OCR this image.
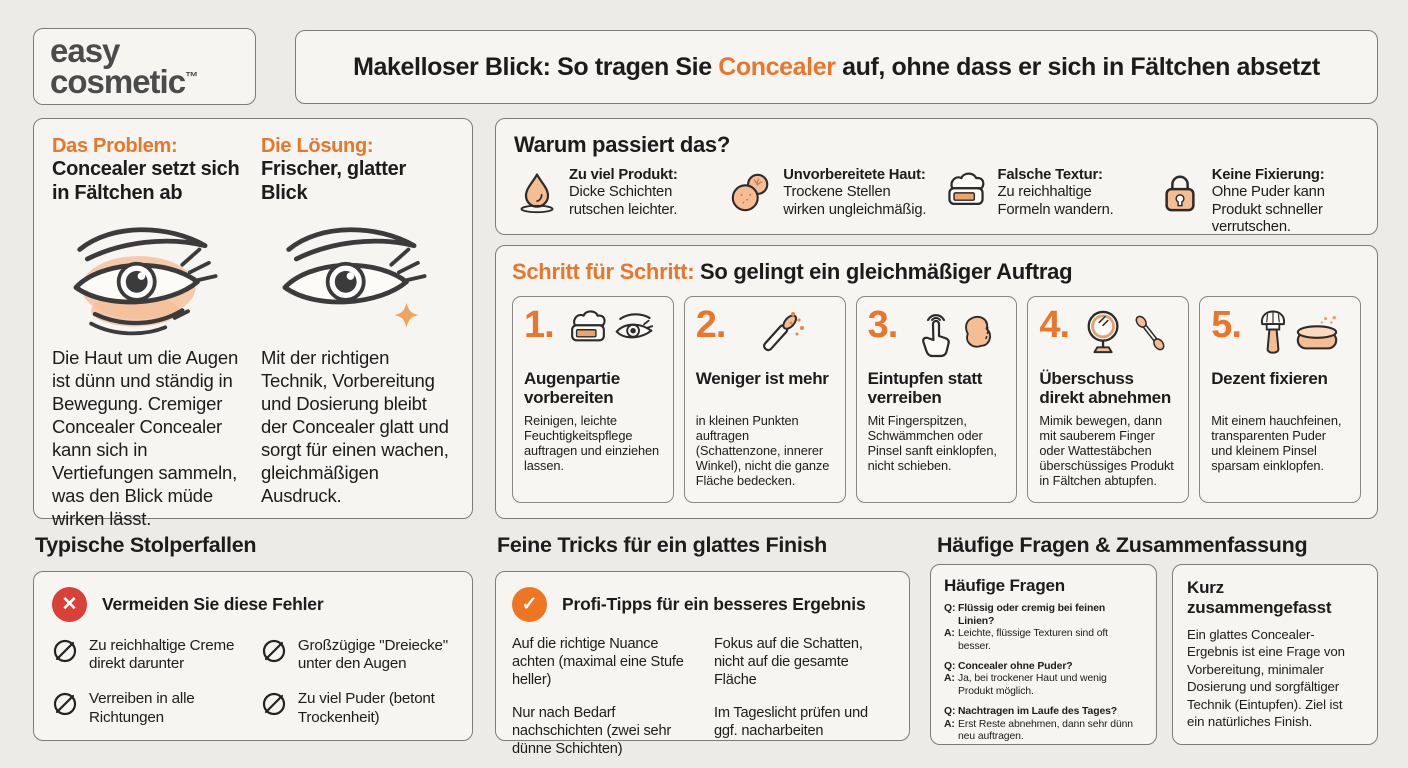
easy
cosmetic™	Makelloser Blick: So tragen Sie Concealer auf, ohne dass er sich in Fältchen absetzt
Das Problem: Concealer setzt sich in Fältchen ab
Die Haut um die Augen ist dünn und ständig in Bewegung. Cremiger Concealer Concealer kann sich in Vertiefungen sammeln, was den Blick müde wirken lässt.
Die Lösung: Frischer, glatter Blick
Mit der richtigen Technik, Vorbereitung und Dosierung bleibt der Concealer glatt und sorgt für einen wachen, gleichmäßigen Ausdruck.
Warum passiert das?
Zu viel Produkt:
Dicke Schichten rutschen leichter.
Unvorbereitete Haut:
Trockene Stellen wirken ungleichmäßig.
Falsche Textur:
Zu reichhaltige Formeln wandern.
Keine Fixierung:
Ohne Puder kann Produkt schneller verrutschen.
Schritt für Schritt: So gelingt ein gleichmäßiger Auftrag
1.
Augenpartie vorbereiten
Reinigen, leichte Feuchtigkeitspflege auftragen und einziehen lassen.
2.
Weniger ist mehr
in kleinen Punkten auftragen (Schattenzone, innerer Winkel), nicht die ganze Fläche bedecken.
3.
Eintupfen statt verreiben
Mit Fingerspitzen, Schwämmchen oder Pinsel sanft einklopfen, nicht schieben.
4.
Überschuss direkt abnehmen
Mimik bewegen, dann mit sauberem Finger oder Wattestäbchen überschüssiges Produkt in Fältchen abtupfen.
5.
Dezent fixieren
Mit einem hauchfeinen, transparenten Puder und kleinem Pinsel sparsam einklopfen.
Typische Stolperfallen	Feine Tricks für ein glattes Finish	Häufige Fragen & Zusammenfassung
✕	Vermeiden Sie diese Fehler
Zu reichhaltige Creme direkt darunter
Großzügige "Dreiecke" unter den Augen
Verreiben in alle Richtungen
Zu viel Puder (betont Trockenheit)
✓	Profi-Tipps für ein besseres Ergebnis
Auf die richtige Nuance achten (maximal eine Stufe heller)
Fokus auf die Schatten, nicht auf die gesamte Fläche
Nur nach Bedarf nachschichten (zwei sehr dünne Schichten)
Im Tageslicht prüfen und ggf. nacharbeiten
Häufige Fragen
Q: Flüssig oder cremig bei feinen Linien?
A: Leichte, flüssige Texturen sind oft besser.
Q: Concealer ohne Puder?
A: Ja, bei trockener Haut und wenig Produkt möglich.
Q: Nachtragen im Laufe des Tages?
A: Erst Reste abnehmen, dann sehr dünn neu auftragen.
Kurz zusammengefasst
Ein glattes Concealer-Ergebnis ist eine Frage von Vorbereitung, minimaler Dosierung und sorgfältiger Technik (Eintupfen). Ziel ist ein natürliches Finish.
